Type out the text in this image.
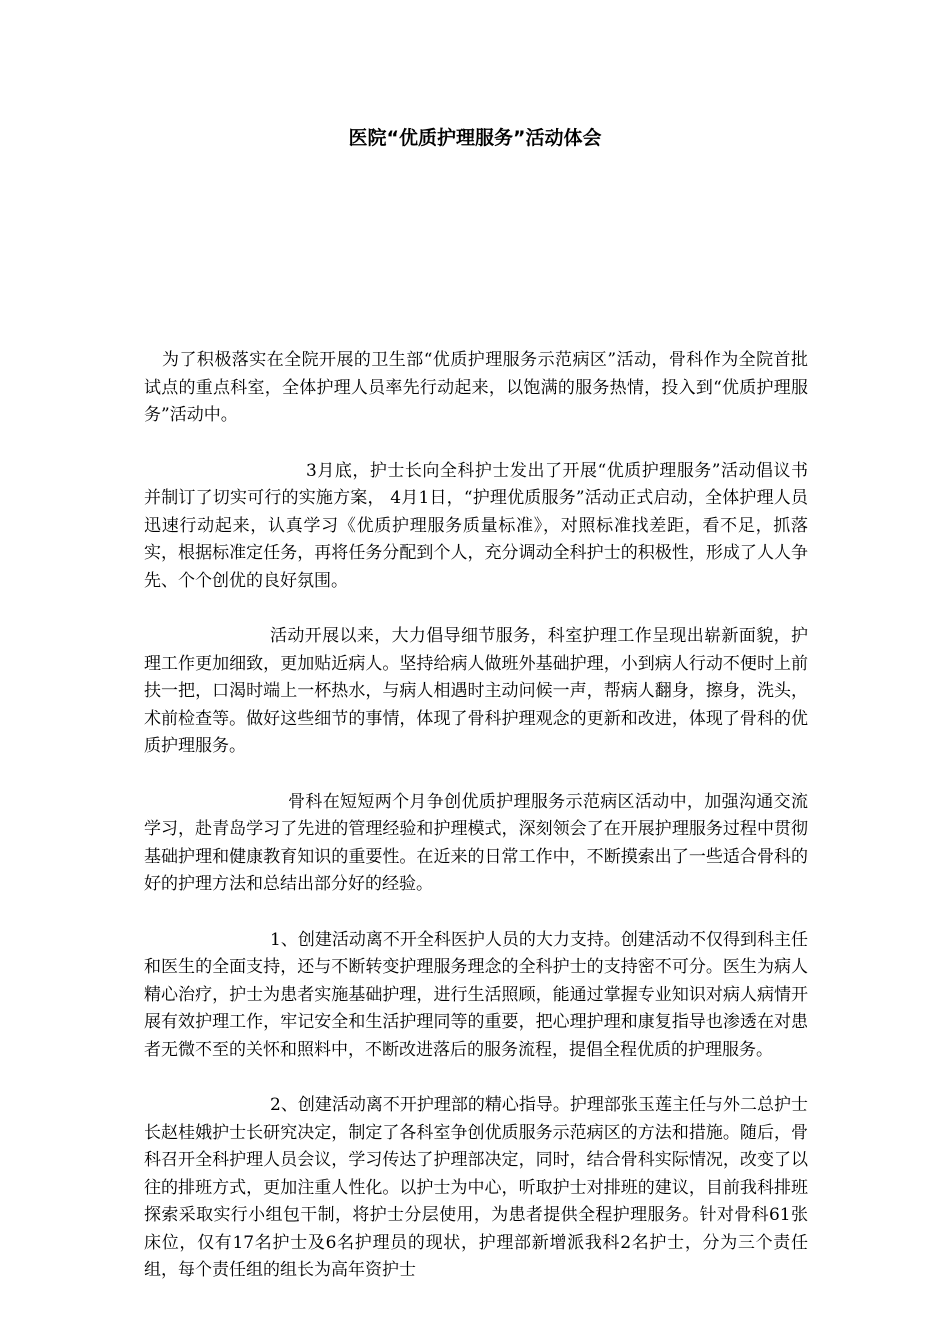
医院“优质护理服务”活动体会

为了积极落实在全院开展的卫生部“优质护理服务示范病区”活动，骨科作为全院首批试点的重点科室，全体护理人员率先行动起来，以饱满的服务热情，投入到“优质护理服务”活动中。

3月底，护士长向全科护士发出了开展“优质护理服务”活动倡议书并制订了切实可行的实施方案， 4月1日，“护理优质服务”活动正式启动，全体护理人员迅速行动起来，认真学习《优质护理服务质量标准》，对照标准找差距，看不足，抓落实，根据标准定任务，再将任务分配到个人，充分调动全科护士的积极性，形成了人人争先、个个创优的良好氛围。

活动开展以来，大力倡导细节服务，科室护理工作呈现出崭新面貌，护理工作更加细致，更加贴近病人。坚持给病人做班外基础护理，小到病人行动不便时上前扶一把，口渴时端上一杯热水，与病人相遇时主动问候一声，帮病人翻身，擦身，洗头，术前检查等。做好这些细节的事情，体现了骨科护理观念的更新和改进，体现了骨科的优质护理服务。

骨科在短短两个月争创优质护理服务示范病区活动中，加强沟通交流学习，赴青岛学习了先进的管理经验和护理模式，深刻领会了在开展护理服务过程中贯彻基础护理和健康教育知识的重要性。在近来的日常工作中，不断摸索出了一些适合骨科的好的护理方法和总结出部分好的经验。

1、创建活动离不开全科医护人员的大力支持。创建活动不仅得到科主任和医生的全面支持，还与不断转变护理服务理念的全科护士的支持密不可分。医生为病人精心治疗，护士为患者实施基础护理，进行生活照顾，能通过掌握专业知识对病人病情开展有效护理工作，牢记安全和生活护理同等的重要，把心理护理和康复指导也渗透在对患者无微不至的关怀和照料中，不断改进落后的服务流程，提倡全程优质的护理服务。

2、创建活动离不开护理部的精心指导。护理部张玉莲主任与外二总护士长赵桂娥护士长研究决定，制定了各科室争创优质服务示范病区的方法和措施。随后，骨科召开全科护理人员会议，学习传达了护理部决定，同时，结合骨科实际情况，改变了以往的排班方式，更加注重人性化。以护士为中心，听取护士对排班的建议，目前我科排班探索采取实行小组包干制，将护士分层使用，为患者提供全程护理服务。针对骨科61张床位，仅有17名护士及6名护理员的现状，护理部新增派我科2名护士，分为三个责任组，每个责任组的组长为高年资护士
